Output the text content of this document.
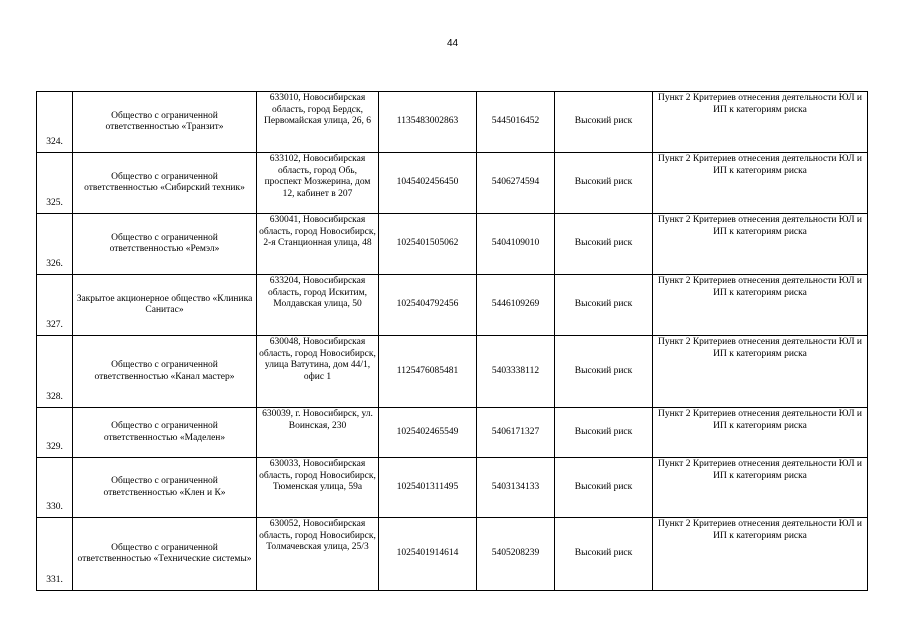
44
324.	Общество с ограниченной ответственностью «Транзит»	633010, Новосибирская область, город Бердск, Первомайская улица, 26, 6	1135483002863	5445016452	Высокий риск	Пункт 2 Критериев отнесения деятельности ЮЛ и ИП к категориям риска
325.	Общество с ограниченной ответственностью «Сибирский техник»	633102, Новосибирская область, город Обь, проспект Мозжерина, дом 12, кабинет в 207	1045402456450	5406274594	Высокий риск	Пункт 2 Критериев отнесения деятельности ЮЛ и ИП к категориям риска
326.	Общество с ограниченной ответственностью «Ремэл»	630041, Новосибирская область, город Новосибирск, 2-я Станционная улица, 48	1025401505062	5404109010	Высокий риск	Пункт 2 Критериев отнесения деятельности ЮЛ и ИП к категориям риска
327.	Закрытое акционерное общество «Клиника Санитас»	633204, Новосибирская область, город Искитим, Молдавская улица, 50	1025404792456	5446109269	Высокий риск	Пункт 2 Критериев отнесения деятельности ЮЛ и ИП к категориям риска
328.	Общество с ограниченной ответственностью «Канал мастер»	630048, Новосибирская область, город Новосибирск, улица Ватутина, дом 44/1, офис 1	1125476085481	5403338112	Высокий риск	Пункт 2 Критериев отнесения деятельности ЮЛ и ИП к категориям риска
329.	Общество с ограниченной ответственностью «Маделен»	630039, г. Новосибирск, ул. Воинская, 230	1025402465549	5406171327	Высокий риск	Пункт 2 Критериев отнесения деятельности ЮЛ и ИП к категориям риска
330.	Общество с ограниченной ответственностью «Клен и К»	630033, Новосибирская область, город Новосибирск, Тюменская улица, 59а	1025401311495	5403134133	Высокий риск	Пункт 2 Критериев отнесения деятельности ЮЛ и ИП к категориям риска
331.	Общество с ограниченной ответственностью «Технические системы»	630052, Новосибирская область, город Новосибирск, Толмачевская улица, 25/3	1025401914614	5405208239	Высокий риск	Пункт 2 Критериев отнесения деятельности ЮЛ и ИП к категориям риска
